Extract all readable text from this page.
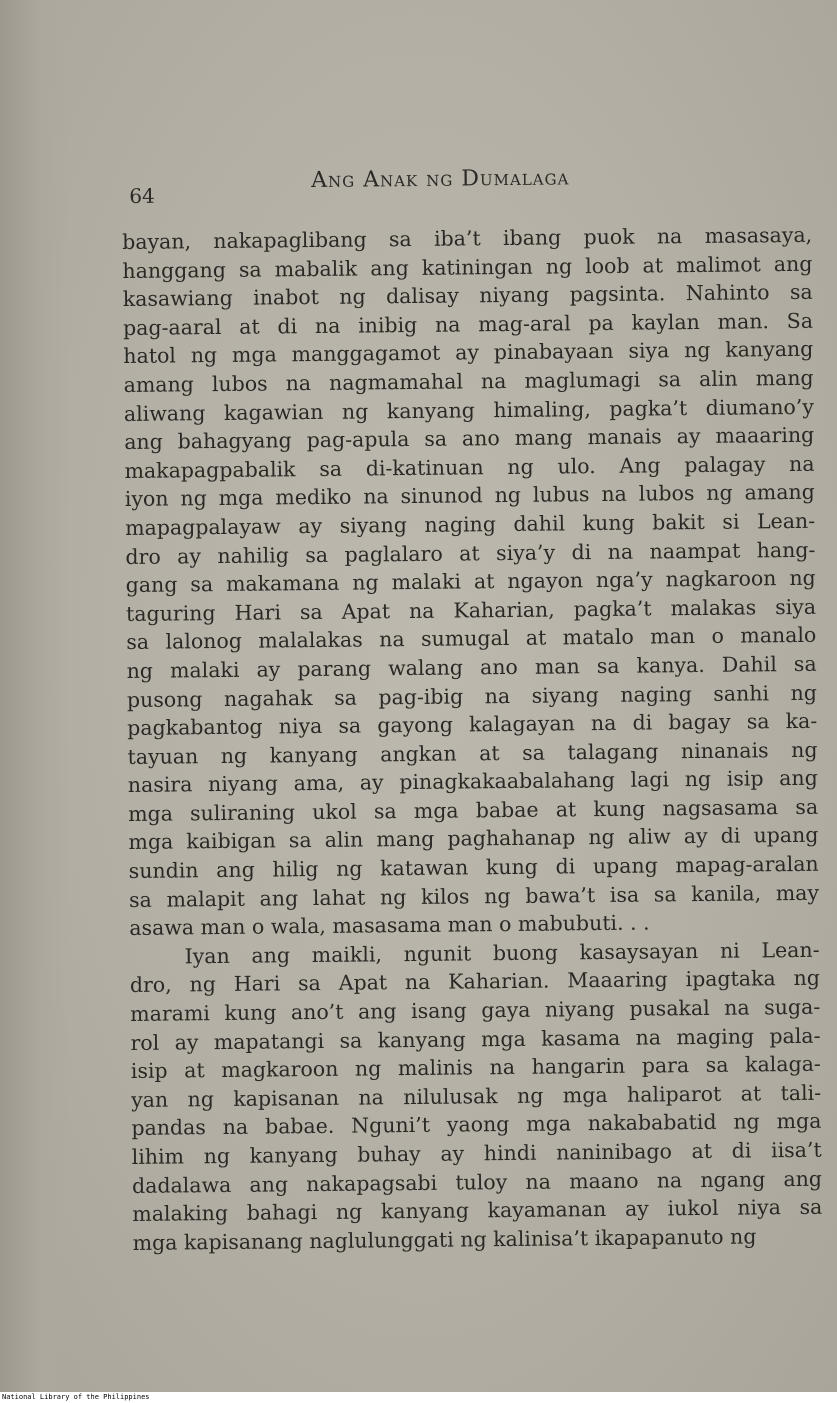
64
Ang Anak ng Dumalaga
bayan, nakapaglibang sa iba’t ibang puok na masasaya,
hanggang sa mabalik ang katiningan ng loob at malimot ang
kasawiang inabot ng dalisay niyang pagsinta. Nahinto sa
pag-aaral at di na inibig na mag-aral pa kaylan man. Sa
hatol ng mga manggagamot ay pinabayaan siya ng kanyang
amang lubos na nagmamahal na maglumagi sa alin mang
aliwang kagawian ng kanyang himaling, pagka’t diumano’y
ang bahagyang pag-apula sa ano mang manais ay maaaring
makapagpabalik sa di-katinuan ng ulo. Ang palagay na
iyon ng mga mediko na sinunod ng lubus na lubos ng amang
mapagpalayaw ay siyang naging dahil kung bakit si Lean-
dro ay nahilig sa paglalaro at siya’y di na naampat hang-
gang sa makamana ng malaki at ngayon nga’y nagkaroon ng
taguring Hari sa Apat na Kaharian, pagka’t malakas siya
sa lalonog malalakas na sumugal at matalo man o manalo
ng malaki ay parang walang ano man sa kanya. Dahil sa
pusong nagahak sa pag-ibig na siyang naging sanhi ng
pagkabantog niya sa gayong kalagayan na di bagay sa ka-
tayuan ng kanyang angkan at sa talagang ninanais ng
nasira niyang ama, ay pinagkakaabalahang lagi ng isip ang
mga suliraning ukol sa mga babae at kung nagsasama sa
mga kaibigan sa alin mang paghahanap ng aliw ay di upang
sundin ang hilig ng katawan kung di upang mapag-aralan
sa malapit ang lahat ng kilos ng bawa’t isa sa kanila, may
asawa man o wala, masasama man o mabubuti. . .
Iyan ang maikli, ngunit buong kasaysayan ni Lean-
dro, ng Hari sa Apat na Kaharian. Maaaring ipagtaka ng
marami kung ano’t ang isang gaya niyang pusakal na suga-
rol ay mapatangi sa kanyang mga kasama na maging pala-
isip at magkaroon ng malinis na hangarin para sa kalaga-
yan ng kapisanan na nilulusak ng mga haliparot at tali-
pandas na babae. Nguni’t yaong mga nakababatid ng mga
lihim ng kanyang buhay ay hindi naninibago at di iisa’t
dadalawa ang nakapagsabi tuloy na maano na ngang ang
malaking bahagi ng kanyang kayamanan ay iukol niya sa
mga kapisanang naglulunggati ng kalinisa’t ikapapanuto ng
National Library of the Philippines
